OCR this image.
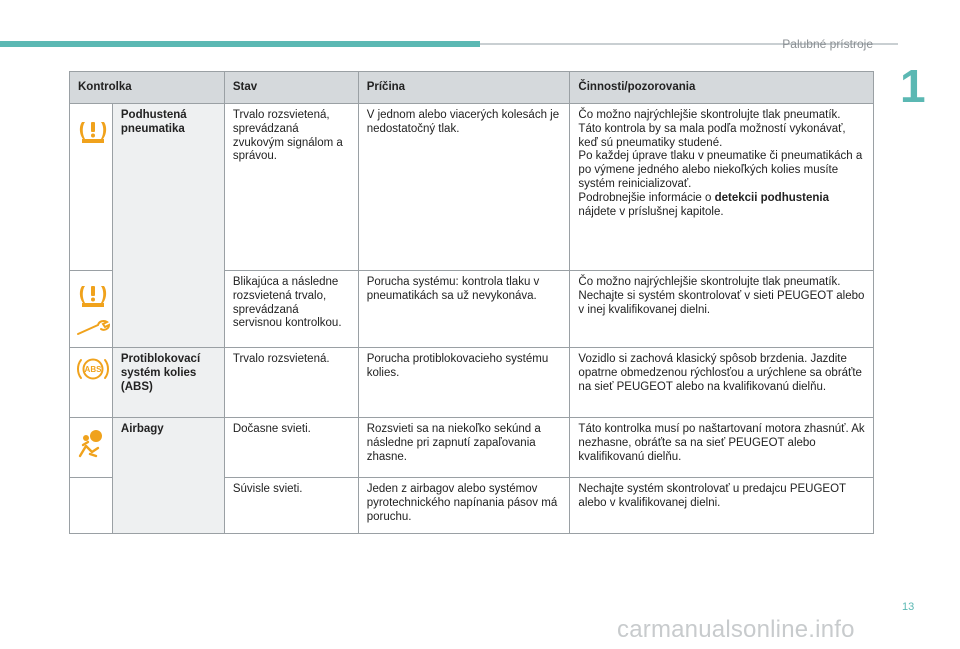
Palubné prístroje
1
Kontrolka		Stav	Príčina	Činnosti/pozorovania

	Podhustená pneumatika	Trvalo rozsvietená, sprevádzaná zvukovým signálom a správou.	V jednom alebo viacerých kolesách je nedostatočný tlak.	Čo možno najrýchlejšie skontrolujte tlak pneumatík.
Táto kontrola by sa mala podľa možností vykonávať, keď sú pneumatiky studené.
Po každej úprave tlaku v pneumatike či pneumatikách a po výmene jedného alebo niekoľkých kolies musíte systém reinicializovať.
Podrobnejšie informácie o detekcii podhustenia nájdete v príslušnej kapitole.

	Blikajúca a následne rozsvietená trvalo, sprevádzaná servisnou kontrolkou.	Porucha systému: kontrola tlaku v pneumatikách sa už nevykonáva.	Čo možno najrýchlejšie skontrolujte tlak pneumatík. Nechajte si systém skontrolovať v sieti PEUGEOT alebo v inej kvalifikovanej dielni.

ABS	Protiblokovací systém kolies (ABS)	Trvalo rozsvietená.	Porucha protiblokovacieho systému kolies.	Vozidlo si zachová klasický spôsob brzdenia. Jazdite opatrne obmedzenou rýchlosťou a urýchlene sa obráťte na sieť PEUGEOT alebo na kvalifikovanú dielňu.

	Airbagy	Dočasne svieti.	Rozsvieti sa na niekoľko sekúnd a následne pri zapnutí zapaľovania zhasne.	Táto kontrolka musí po naštartovaní motora zhasnúť. Ak nezhasne, obráťte sa na sieť PEUGEOT alebo kvalifikovanú dielňu.
		Súvisle svieti.	Jeden z airbagov alebo systémov pyrotechnického napínania pásov má poruchu.	Nechajte systém skontrolovať u predajcu PEUGEOT alebo v kvalifikovanej dielni.
13
carmanualsonline.info
